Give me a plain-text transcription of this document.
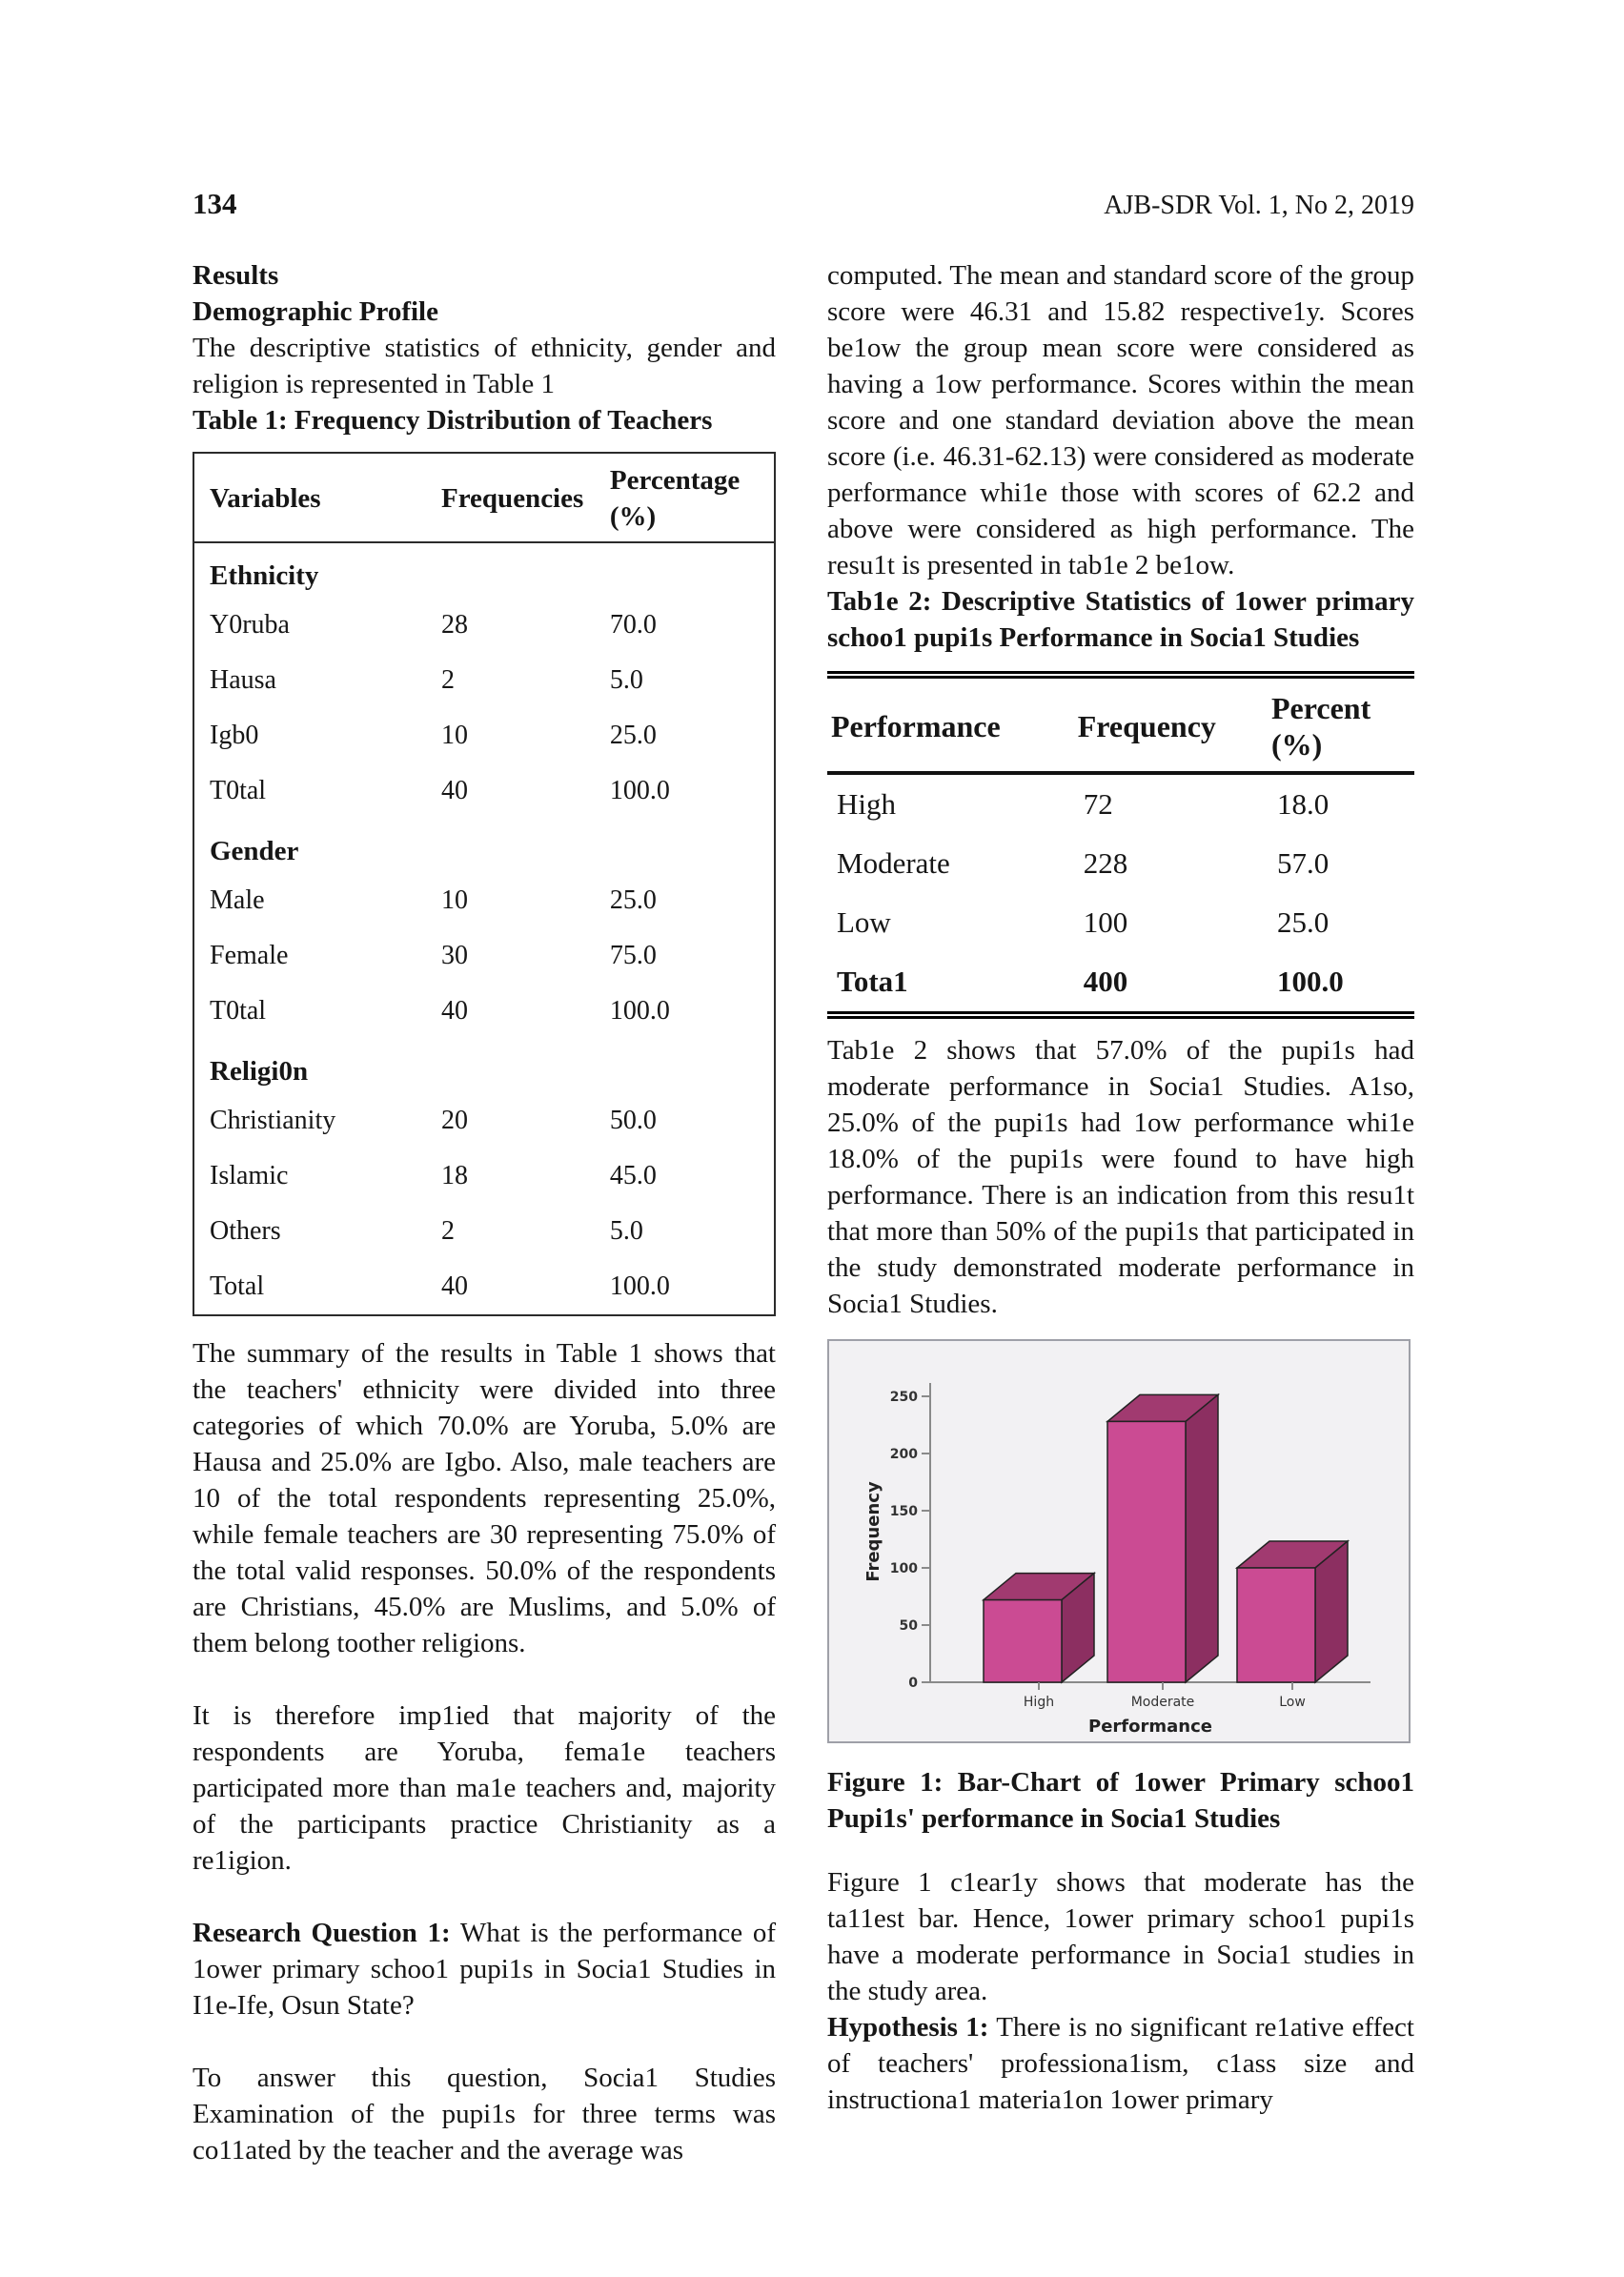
134	AJB-SDR Vol. 1, No 2, 2019
Results
Demographic Profile

The descriptive statistics of ethnicity, gender and religion is represented in Table 1

Table 1: Frequency Distribution of Teachers
Variables	Frequencies	Percentage (%)
Ethnicity		
Y0ruba	28	70.0
Hausa	2	5.0
Igb0	10	25.0
T0tal	40	100.0
Gender		
Male	10	25.0
Female	30	75.0
T0tal	40	100.0
Religi0n		
Christianity	20	50.0
Islamic	18	45.0
Others	2	5.0
Total	40	100.0

The summary of the results in Table 1 shows that the teachers' ethnicity were divided into three categories of which 70.0% are Yoruba, 5.0% are Hausa and 25.0% are Igbo. Also, male teachers are 10 of the total respondents representing 25.0%, while female teachers are 30 representing 75.0% of the total valid responses. 50.0% of the respondents are Christians, 45.0% are Muslims, and 5.0% of them belong toother religions.

It is therefore imp1ied that majority of the respondents are Yoruba, fema1e teachers participated more than ma1e teachers and, majority of the participants practice Christianity as a re1igion.

Research Question 1: What is the performance of 1ower primary schoo1 pupi1s in Socia1 Studies in I1e-Ife, Osun State?

To answer this question, Socia1 Studies Examination of the pupi1s for three terms was co11ated by the teacher and the average was

computed. The mean and standard score of the group score were 46.31 and 15.82 respective1y. Scores be1ow the group mean score were considered as having a 1ow performance. Scores within the mean score and one standard deviation above the mean score (i.e. 46.31-62.13) were considered as moderate performance whi1e those with scores of 62.2 and above were considered as high performance. The resu1t is presented in tab1e 2 be1ow.

Tab1e 2: Descriptive Statistics of 1ower primary schoo1 pupi1s Performance in Socia1 Studies
Performance	Frequency	Percent (%)
High	72	18.0
Moderate	228	57.0
Low	100	25.0
Tota1	400	100.0

Tab1e 2 shows that 57.0% of the pupi1s had moderate performance in Socia1 Studies. A1so, 25.0% of the pupi1s had 1ow performance whi1e 18.0% of the pupi1s were found to have high performance. There is an indication from this resu1t that more than 50% of the pupi1s that participated in the study demonstrated moderate performance in Socia1 Studies.

0
50
100
150
200
250
High	Moderate	Low
Performance
Frequency

Figure 1: Bar-Chart of 1ower Primary schoo1 Pupi1s' performance in Socia1 Studies

Figure 1 c1ear1y shows that moderate has the ta11est bar. Hence, 1ower primary schoo1 pupi1s have a moderate performance in Socia1 studies in the study area.

Hypothesis 1: There is no significant re1ative effect of teachers' professiona1ism, c1ass size and instructiona1 materia1on 1ower primary
